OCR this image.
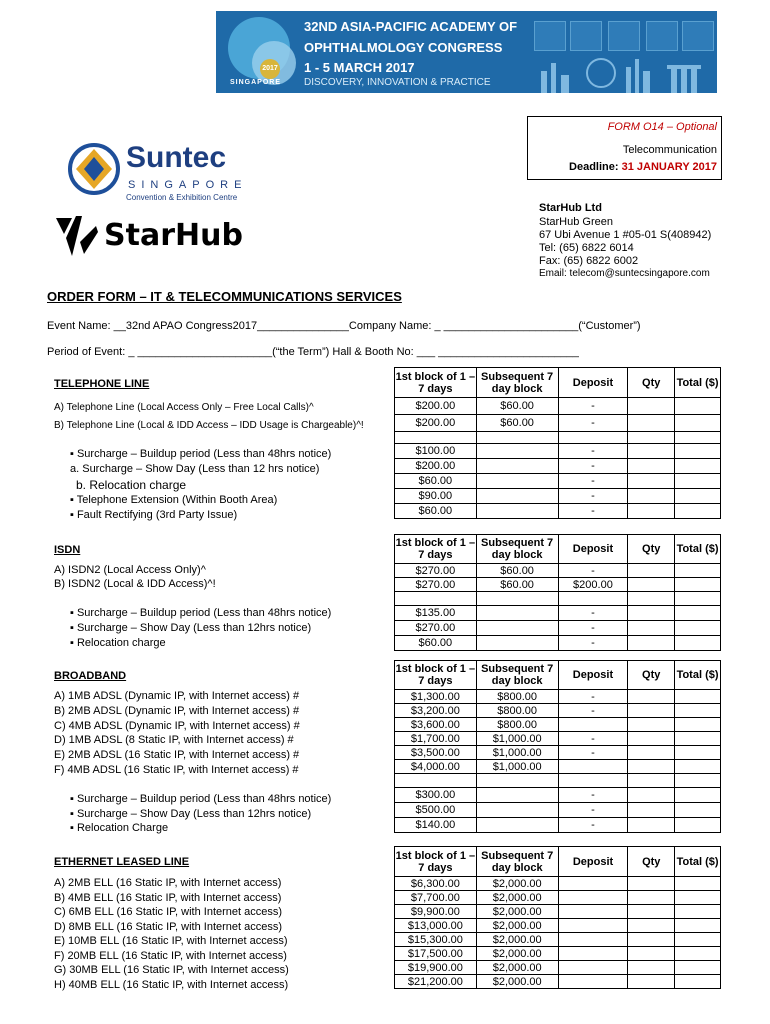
2017
SINGAPORE
32ND ASIA-PACIFIC ACADEMY OF
OPHTHALMOLOGY CONGRESS
1 - 5 MARCH 2017
DISCOVERY, INNOVATION & PRACTICE
FORM O14 – Optional
Telecommunication
Deadline: 31 JANUARY 2017
Suntec
SINGAPORE
Convention & Exhibition Centre
StarHub
StarHub Ltd
StarHub Green
67 Ubi Avenue 1 #05-01 S(408942)
Tel: (65) 6822 6014
Fax: (65) 6822 6002
Email: telecom@suntecsingapore.com
ORDER FORM – IT & TELECOMMUNICATIONS SERVICES
Event Name: __32nd APAO Congress2017_______________Company Name: _ ______________________(“Customer”)
Period of Event: _ ______________________(“the Term”) Hall & Booth No: ___ _______________________
TELEPHONE LINE
A) Telephone Line (Local Access Only – Free Local Calls)^
B) Telephone Line (Local & IDD Access – IDD Usage is Chargeable)^!
▪ Surcharge – Buildup period (Less than 48hrs notice)
a. Surcharge – Show Day (Less than 12 hrs notice)
b. Relocation charge
▪ Telephone Extension (Within Booth Area)
▪ Fault Rectifying (3rd Party Issue)
1st block of 1 – 7 days	Subsequent 7 day block	Deposit	Qty	Total ($)
$200.00	$60.00	-		
$200.00	$60.00	-		

$100.00		-		
$200.00		-		
$60.00		-		
$90.00		-		
$60.00		-		
ISDN
A) ISDN2 (Local Access Only)^
B) ISDN2 (Local & IDD Access)^!
▪ Surcharge – Buildup period (Less than 48hrs notice)
▪ Surcharge – Show Day (Less than 12hrs notice)
▪ Relocation charge
1st block of 1 – 7 days	Subsequent 7 day block	Deposit	Qty	Total ($)
$270.00	$60.00	-		
$270.00	$60.00	$200.00		

$135.00		-		
$270.00		-		
$60.00		-		
BROADBAND
A) 1MB ADSL (Dynamic IP, with Internet access) #
B) 2MB ADSL (Dynamic IP, with Internet access) #
C) 4MB ADSL (Dynamic IP, with Internet access) #
D) 1MB ADSL (8 Static IP, with Internet access) #
E) 2MB ADSL (16 Static IP, with Internet access) #
F) 4MB ADSL (16 Static IP, with Internet access) #
▪ Surcharge – Buildup period (Less than 48hrs notice)
▪ Surcharge – Show Day (Less than 12hrs notice)
▪ Relocation Charge
1st block of 1 – 7 days	Subsequent 7 day block	Deposit	Qty	Total ($)
$1,300.00	$800.00	-		
$3,200.00	$800.00	-		
$3,600.00	$800.00			
$1,700.00	$1,000.00	-		
$3,500.00	$1,000.00	-		
$4,000.00	$1,000.00			

$300.00		-		
$500.00		-		
$140.00		-		
ETHERNET LEASED LINE
A) 2MB ELL (16 Static IP, with Internet access)
B) 4MB ELL (16 Static IP, with Internet access)
C) 6MB ELL (16 Static IP, with Internet access)
D) 8MB ELL (16 Static IP, with Internet access)
E) 10MB ELL (16 Static IP, with Internet access)
F) 20MB ELL (16 Static IP, with Internet access)
G) 30MB ELL (16 Static IP, with Internet access)
H) 40MB ELL (16 Static IP, with Internet access)
1st block of 1 – 7 days	Subsequent 7 day block	Deposit	Qty	Total ($)
$6,300.00	$2,000.00			
$7,700.00	$2,000.00			
$9,900.00	$2,000.00			
$13,000.00	$2,000.00			
$15,300.00	$2,000.00			
$17,500.00	$2,000.00			
$19,900.00	$2,000.00			
$21,200.00	$2,000.00			
